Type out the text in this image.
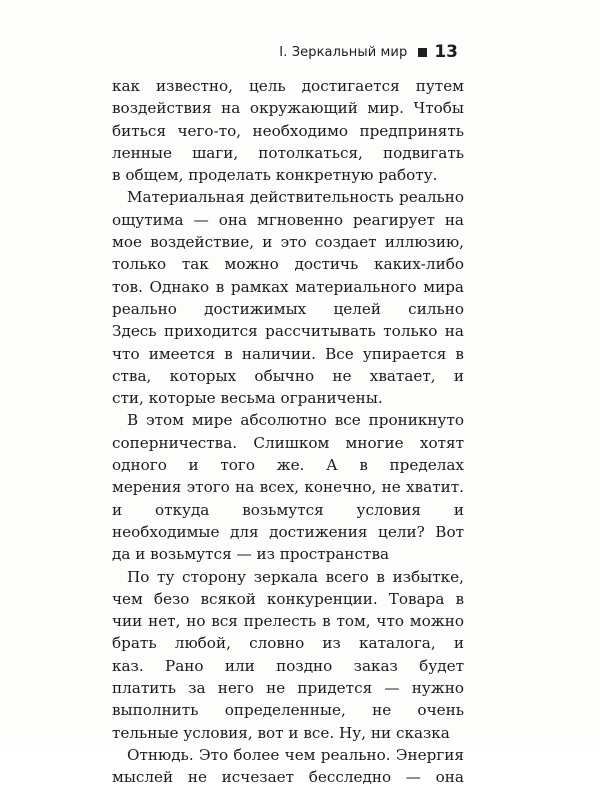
I. Зеркальный мир 13
как известно, цель достигается путем
воздействия на окружающий мир. Чтобы
биться чего-то, необходимо предпринять
ленные шаги, потолкаться, подвигать
в общем, проделать конкретную работу.
Материальная действительность реально
ощутима — она мгновенно реагирует на
мое воздействие, и это создает иллюзию,
только так можно достичь каких-либо
тов. Однако в рамках материального мира
реально достижимых целей сильно
Здесь приходится рассчитывать только на
что имеется в наличии. Все упирается в
ства, которых обычно не хватает, и
сти, которые весьма ограничены.
В этом мире абсолютно все проникнуто
соперничества. Слишком многие хотят
одного и того же. А в пределах
мерения этого на всех, конечно, не хватит.
и откуда возьмутся условия и
необходимые для достижения цели? Вот
да и возьмутся — из пространства
По ту сторону зеркала всего в избытке,
чем безо всякой конкуренции. Товара в
чии нет, но вся прелесть в том, что можно
брать любой, словно из каталога, и
каз. Рано или поздно заказ будет
платить за него не придется — нужно
выполнить определенные, не очень
тельные условия, вот и все. Ну, ни сказка
Отнюдь. Это более чем реально. Энергия
мыслей не исчезает бесследно — она
